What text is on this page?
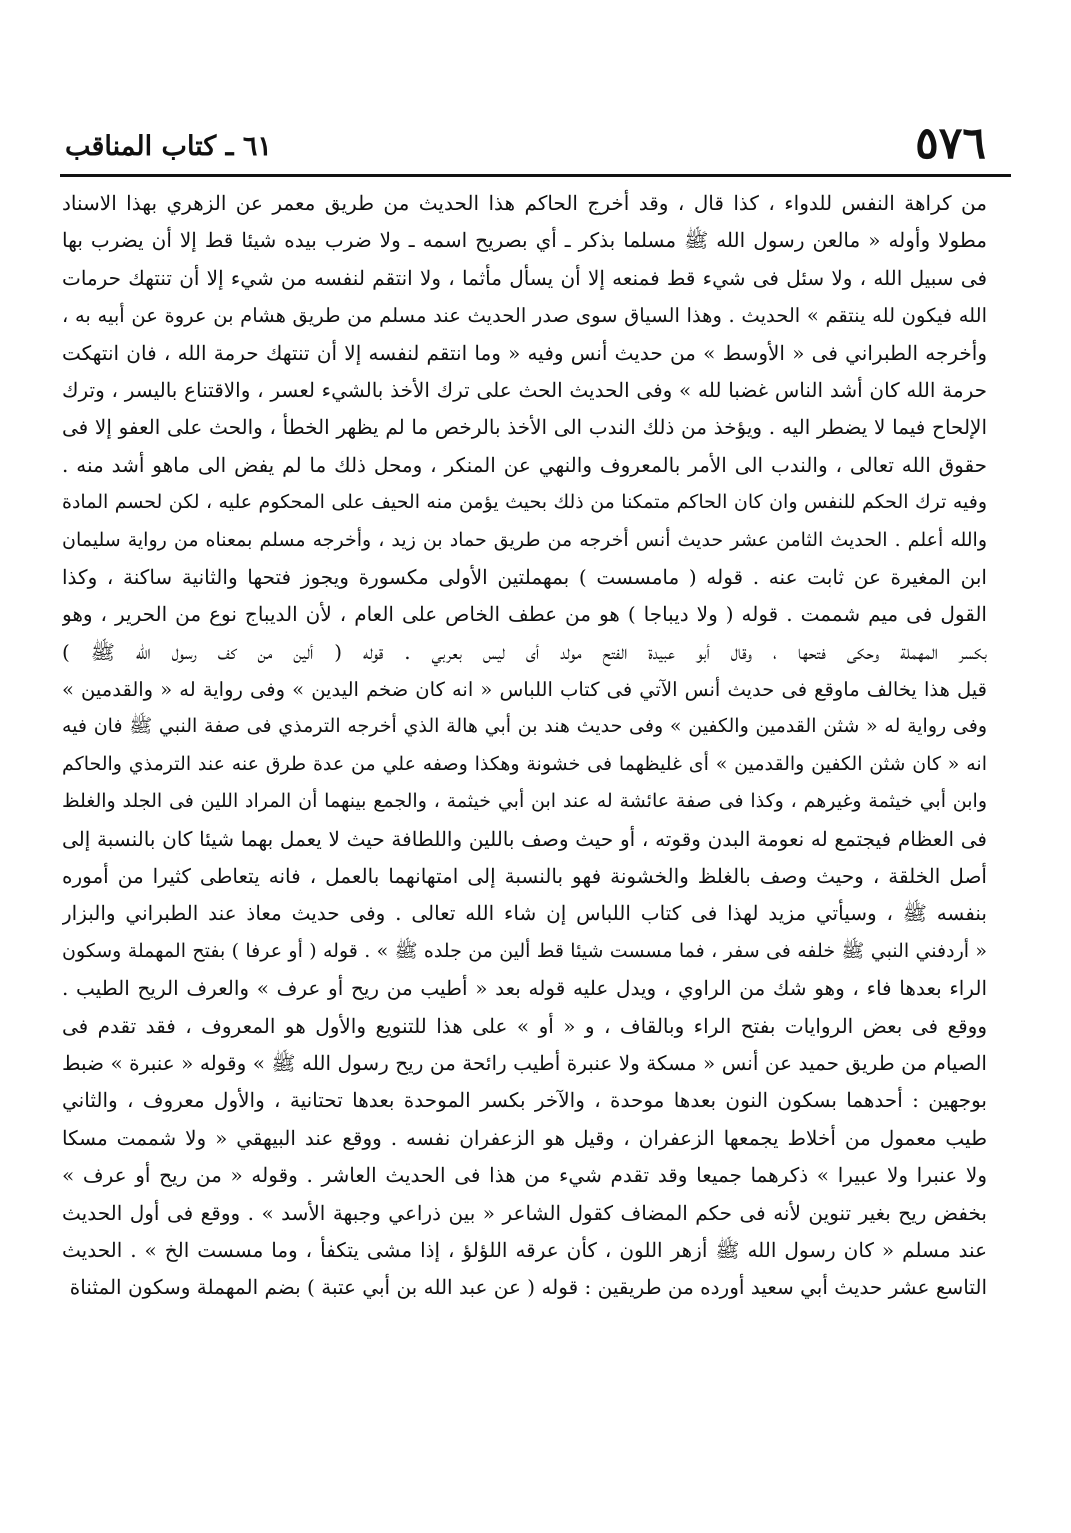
٥٧٦
٦١ ـ كتاب المناقب
من كراهة النفس للدواء ، كذا قال ، وقد أخرج الحاكم هذا الحديث من طريق معمر عن الزهري بهذا الاسناد
مطولا وأوله « مالعن رسول الله ﷺ مسلما بذكر ـ أي بصريح اسمه ـ ولا ضرب بيده شيئا قط إلا أن يضرب بها
فى سبيل الله ، ولا سئل فى شيء قط فمنعه إلا أن يسأل مأثما ، ولا انتقم لنفسه من شيء إلا أن تنتهك حرمات
الله فيكون لله ينتقم » الحديث . وهذا السياق سوى صدر الحديث عند مسلم من طريق هشام بن عروة عن أبيه به ،
وأخرجه الطبراني فى « الأوسط » من حديث أنس وفيه « وما انتقم لنفسه إلا أن تنتهك حرمة الله ، فان انتهكت
حرمة الله كان أشد الناس غضبا لله » وفى الحديث الحث على ترك الأخذ بالشيء لعسر ، والاقتناع باليسر ، وترك
الإلحاح فيما لا يضطر اليه . ويؤخذ من ذلك الندب الى الأخذ بالرخص ما لم يظهر الخطأ ، والحث على العفو إلا فى
حقوق الله تعالى ، والندب الى الأمر بالمعروف والنهي عن المنكر ، ومحل ذلك ما لم يفض الى ماهو أشد منه .
وفيه ترك الحكم للنفس وان كان الحاكم متمكنا من ذلك بحيث يؤمن منه الحيف على المحكوم عليه ، لكن لحسم المادة
والله أعلم . الحديث الثامن عشر حديث أنس أخرجه من طريق حماد بن زيد ، وأخرجه مسلم بمعناه من رواية سليمان
ابن المغيرة عن ثابت عنه . قوله ( مامسست ) بمهملتين الأولى مكسورة ويجوز فتحها والثانية ساكنة ، وكذا
القول فى ميم شممت . قوله ( ولا ديباجا ) هو من عطف الخاص على العام ، لأن الديباج نوع من الحرير ، وهو
بكسر المهملة وحكى فتحها ، وقال أبو عبيدة الفتح مولد أى ليس بعربي . قوله ( ألين من كف رسول الله ﷺ )
قيل هذا يخالف ماوقع فى حديث أنس الآتي فى كتاب اللباس « انه كان ضخم اليدين » وفى رواية له « والقدمين »
وفى رواية له « شثن القدمين والكفين » وفى حديث هند بن أبي هالة الذي أخرجه الترمذي فى صفة النبي ﷺ فان فيه
انه « كان شثن الكفين والقدمين » أى غليظهما فى خشونة وهكذا وصفه علي من عدة طرق عنه عند الترمذي والحاكم
وابن أبي خيثمة وغيرهم ، وكذا فى صفة عائشة له عند ابن أبي خيثمة ، والجمع بينهما أن المراد اللين فى الجلد والغلظ
فى العظام فيجتمع له نعومة البدن وقوته ، أو حيث وصف باللين واللطافة حيث لا يعمل بهما شيئا كان بالنسبة إلى
أصل الخلقة ، وحيث وصف بالغلظ والخشونة فهو بالنسبة إلى امتهانهما بالعمل ، فانه يتعاطى كثيرا من أموره
بنفسه ﷺ ، وسيأتي مزيد لهذا فى كتاب اللباس إن شاء الله تعالى . وفى حديث معاذ عند الطبراني والبزار
« أردفني النبي ﷺ خلفه فى سفر ، فما مسست شيئا قط ألين من جلده ﷺ » . قوله ( أو عرفا ) بفتح المهملة وسكون
الراء بعدها فاء ، وهو شك من الراوي ، ويدل عليه قوله بعد « أطيب من ريح أو عرف » والعرف الريح الطيب .
ووقع فى بعض الروايات بفتح الراء وبالقاف ، و « أو » على هذا للتنويع والأول هو المعروف ، فقد تقدم فى
الصيام من طريق حميد عن أنس « مسكة ولا عنبرة أطيب رائحة من ريح رسول الله ﷺ » وقوله « عنبرة » ضبط
بوجهين : أحدهما بسكون النون بعدها موحدة ، والآخر بكسر الموحدة بعدها تحتانية ، والأول معروف ، والثاني
طيب معمول من أخلاط يجمعها الزعفران ، وقيل هو الزعفران نفسه . ووقع عند البيهقي « ولا شممت مسكا
ولا عنبرا ولا عبيرا » ذكرهما جميعا وقد تقدم شيء من هذا فى الحديث العاشر . وقوله « من ريح أو عرف »
بخفض ريح بغير تنوين لأنه فى حكم المضاف كقول الشاعر « بين ذراعي وجبهة الأسد » . ووقع فى أول الحديث
عند مسلم « كان رسول الله ﷺ أزهر اللون ، كأن عرقه اللؤلؤ ، إذا مشى يتكفأ ، وما مسست الخ » . الحديث
التاسع عشر حديث أبي سعيد أورده من طريقين : قوله ( عن عبد الله بن أبي عتبة ) بضم المهملة وسكون المثناة
